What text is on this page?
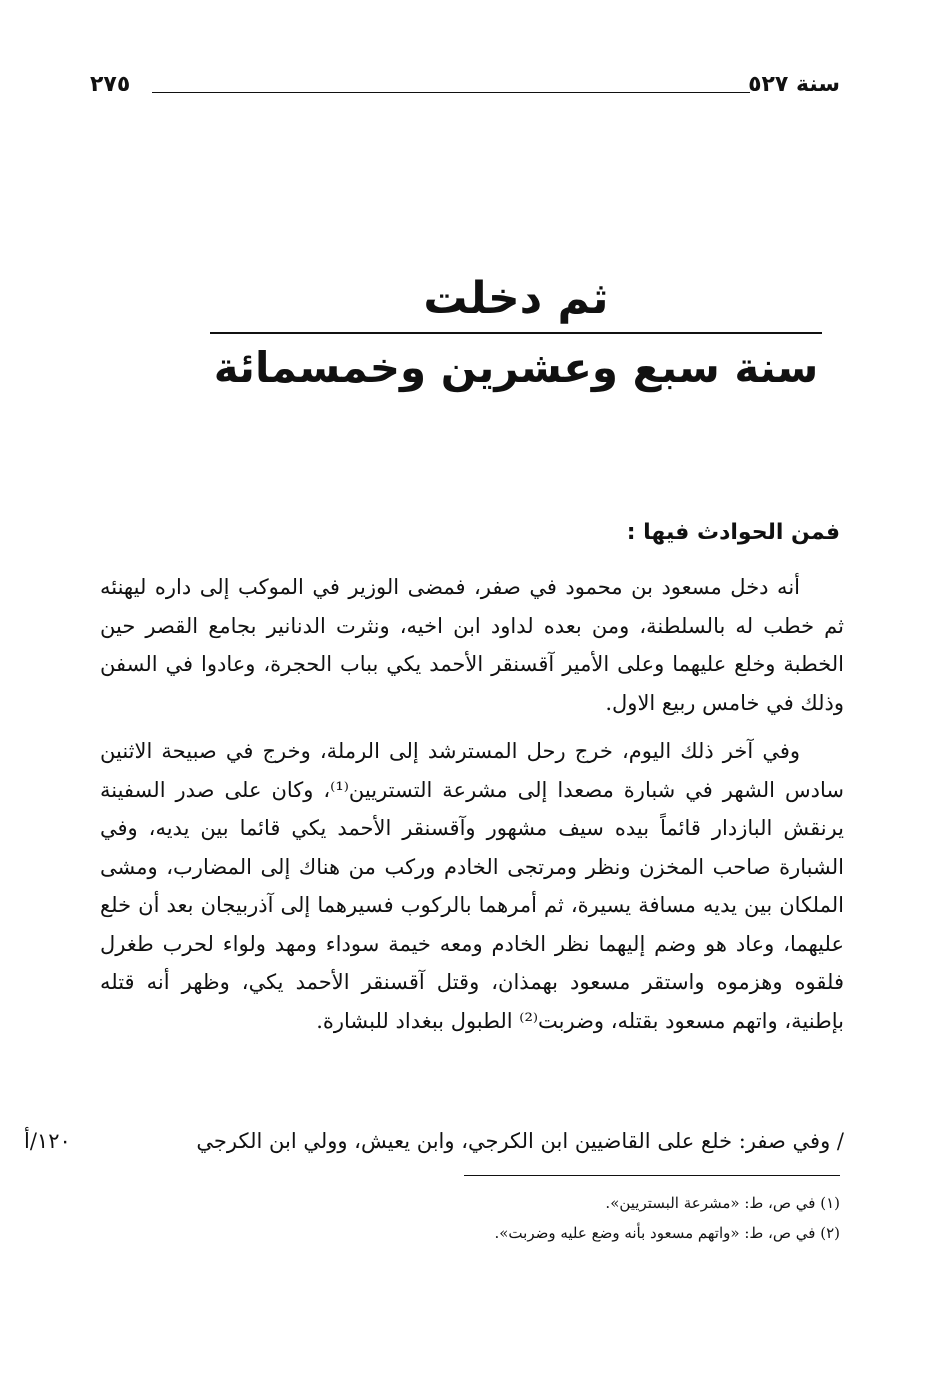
سنة ٥٢٧
٢٧٥
ثم دخلت
سنة سبع وعشرين وخمسمائة
فمن الحوادث فيها :

أنه دخل مسعود بن محمود في صفر، فمضى الوزير في الموكب إلى داره ليهنئه ثم خطب له بالسلطنة، ومن بعده لداود ابن اخيه، ونثرت الدنانير بجامع القصر حين الخطبة وخلع عليهما وعلى الأمير آقسنقر الأحمد يكي بباب الحجرة، وعادوا في السفن وذلك في خامس ربيع الاول.

وفي آخر ذلك اليوم، خرج رحل المسترشد إلى الرملة، وخرج في صبيحة الاثنين سادس الشهر في شبارة مصعدا إلى مشرعة التستريين⁽¹⁾، وكان على صدر السفينة يرنقش البازدار قائماً بيده سيف مشهور وآقسنقر الأحمد يكي قائما بين يديه، وفي الشبارة صاحب المخزن ونظر ومرتجى الخادم وركب من هناك إلى المضارب، ومشى الملكان بين يديه مسافة يسيرة، ثم أمرهما بالركوب فسيرهما إلى آذربيجان بعد أن خلع عليهما، وعاد هو وضم إليهما نظر الخادم ومعه خيمة سوداء ومهد ولواء لحرب طغرل فلقوه وهزموه واستقر مسعود بهمذان، وقتل آقسنقر الأحمد يكي، وظهر أنه قتله بإطنية، واتهم مسعود بقتله، وضربت⁽²⁾ الطبول ببغداد للبشارة.

/ وفي صفر: خلع على القاضيين ابن الكرجي، وابن يعيش، وولي ابن الكرجي
١٢٠/أ
(١) في ص، ط: «مشرعة البستريين».
(٢) في ص، ط: «واتهم مسعود بأنه وضع عليه وضربت».
